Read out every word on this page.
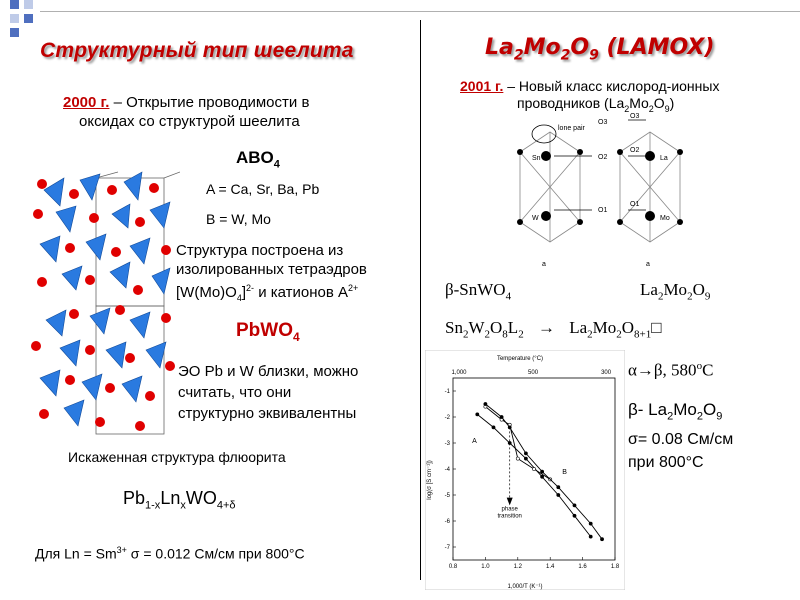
Структурный тип шеелита
2000 г. – Открытие проводимости в
оксидах со структурой шеелита
$ABO_4$
A = Ca, Sr, Ba, Pb
B = W, Mo
Структура построена из
изолированных тетраэдров
$[W(Mo)O_4]^{2-}$ и катионов $А^{2+}$
PbWO$_4$
ЭО Pb и W близки, можно
считать, что они
структурно эквивалентны
Искаженная структура флюорита
$Pb_{1-x}Ln_xWO_{4+\delta}$
Для $Ln = Sm^{3+}$ σ = 0.012 См/см при 800°С
$La_2Mo_2O_9$ (LAMOX)
2001 г. – Новый класс кислород-ионных
проводников $(La_2Mo_2O_9)$
lone pair
O3
O2
O1
Sn
W
a
O3
O2
O1
La
Mo
a
β-SnWO$_4$	$La_2Mo_2O_9$
$Sn_2W_2O_8L_2$ → $La_2Mo_2O_{8+1}□$
α→β, 580$^o$C
β- $La_2Mo_2O_9$
σ= 0.08 См/см
при 800°С
Temperature (°C)
1,000/T (K⁻¹)
log(σ [S cm⁻¹])
0.8	1.0	1.2	1.4	1.6	1.8
-1
-2
-3
-4
-5
-6
-7
1,000	500	300
A
B
phase
transition
